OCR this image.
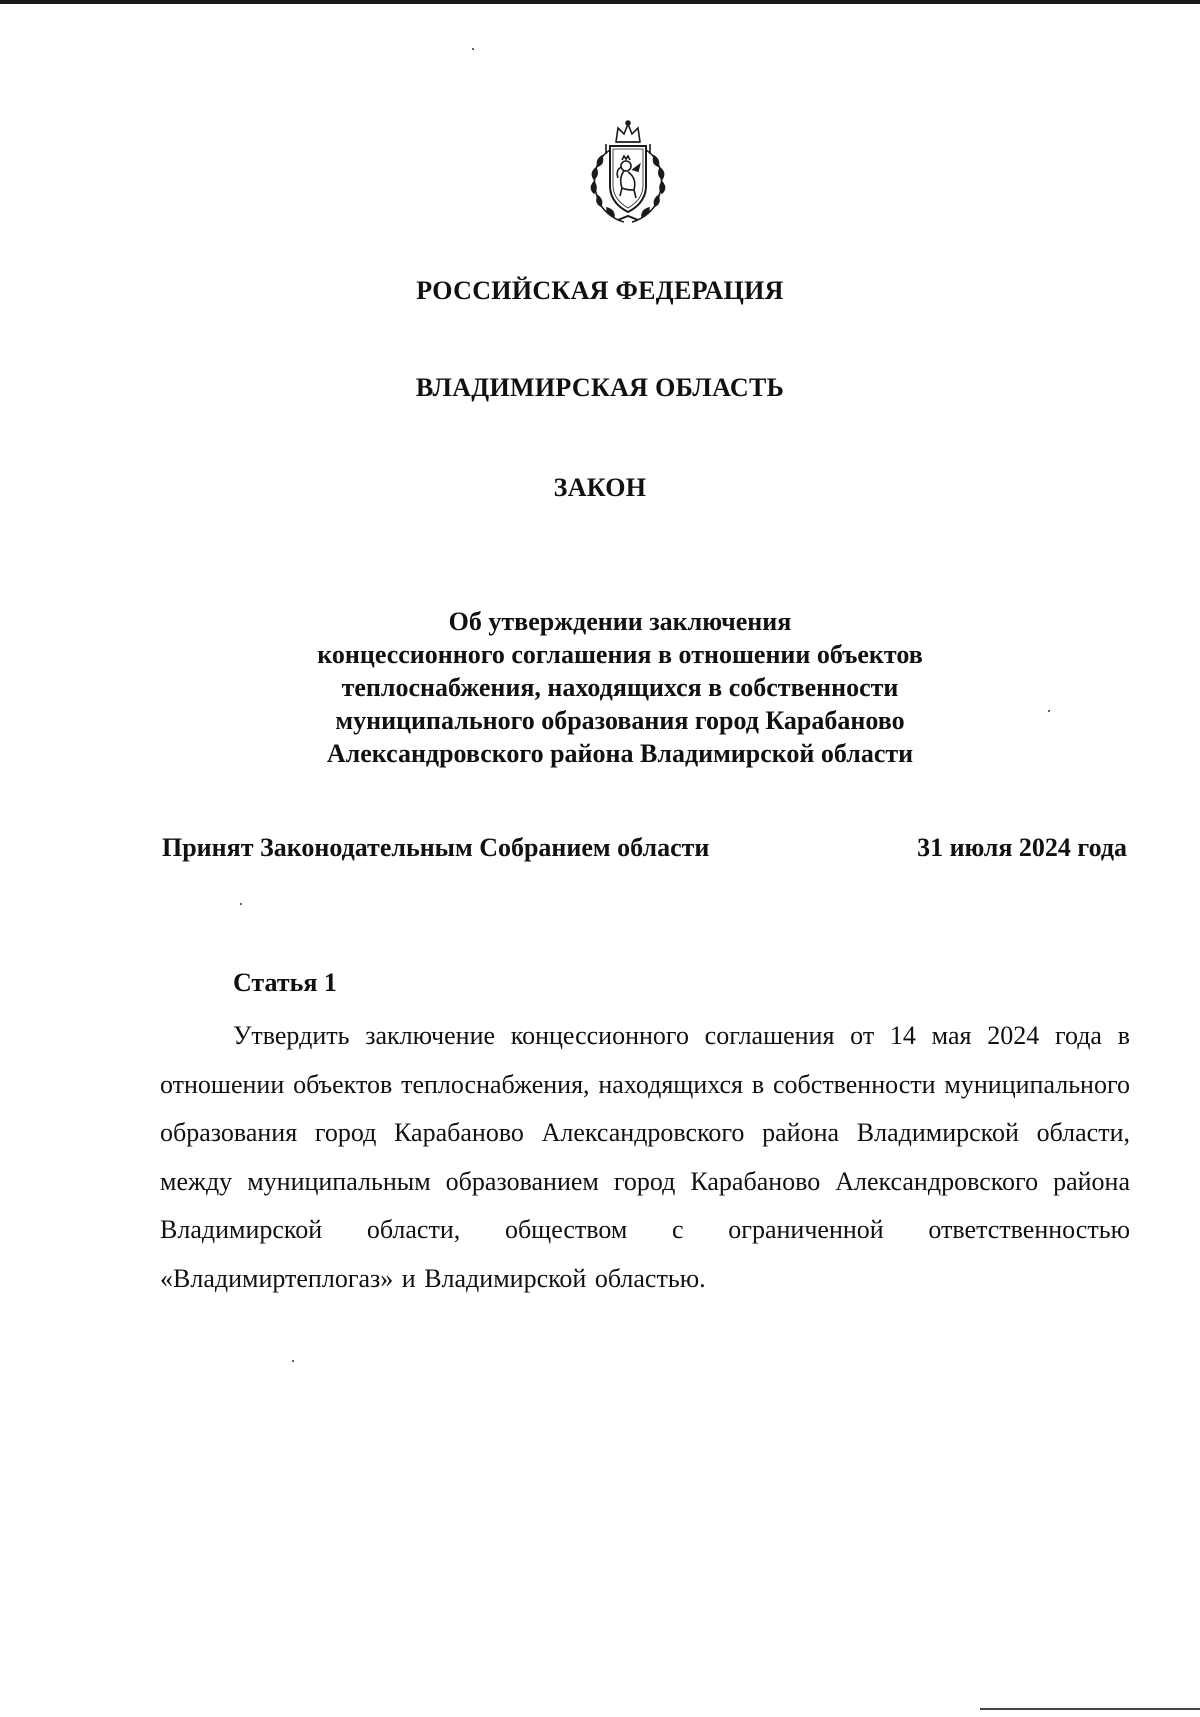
РОССИЙСКАЯ ФЕДЕРАЦИЯ
ВЛАДИМИРСКАЯ ОБЛАСТЬ
ЗАКОН
Об утверждении заключения
концессионного соглашения в отношении объектов
теплоснабжения, находящихся в собственности
муниципального образования город Карабаново
Александровского района Владимирской области
Принят Законодательным Собранием области	31 июля 2024 года
Статья 1
Утвердить заключение концессионного соглашения от 14 мая 2024 года в отношении объектов теплоснабжения, находящихся в собственности муниципального образования город Карабаново Александровского района Владимирской области, между муниципальным образованием город Карабаново Александровского района Владимирской области, обществом с ограниченной ответственностью «Владимиртеплогаз» и Владимирской областью.
